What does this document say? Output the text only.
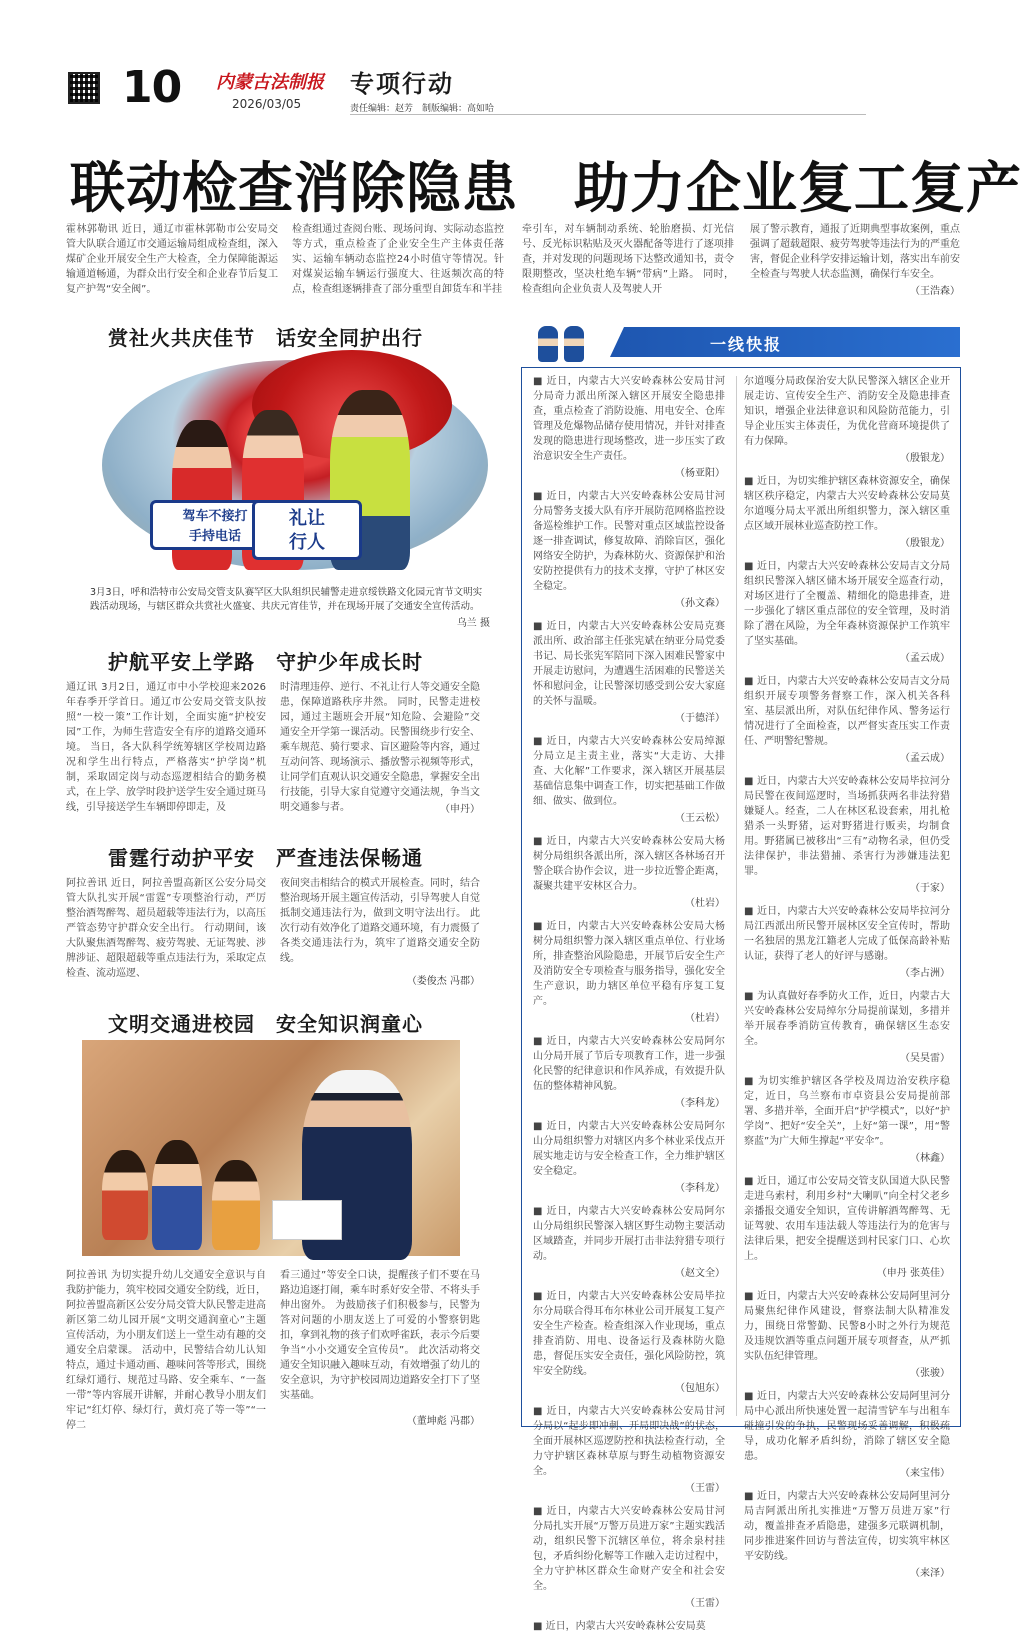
10 内蒙古法制报
2026/03/05
专项行动
责任编辑：赵芳　制版编辑：高如哈
联动检查消除隐患　助力企业复工复产
霍林郭勒讯 近日，通辽市霍林郭勒市公安局交管大队联合通辽市交通运输局组成检查组，深入煤矿企业开展安全生产大检查，全力保障能源运输通道畅通，为群众出行安全和企业春节后复工复产护驾“安全阀”。
检查组通过查阅台账、现场问询、实际动态监控等方式，重点检查了企业安全生产主体责任落实、运输车辆动态监控24小时值守等情况。针对煤炭运输车辆运行强度大、往返频次高的特点，检查组逐辆排查了部分重型自卸货车和半挂
牵引车，对车辆制动系统、轮胎磨损、灯光信号、反光标识粘贴及灭火器配备等进行了逐项排查，并对发现的问题现场下达整改通知书，责令限期整改，坚决杜绝车辆“带病”上路。 同时，检查组向企业负责人及驾驶人开
展了警示教育，通报了近期典型事故案例，重点强调了超载超限、疲劳驾驶等违法行为的严重危害，督促企业科学安排运输计划，落实出车前安全检查与驾驶人状态监测，确保行车安全。
（王浩森）
赏社火共庆佳节　话安全同护出行
驾车不接打
手持电话
礼让
行人
3月3日，呼和浩特市公安局交管支队赛罕区大队组织民辅警走进京绥铁路文化园元宵节文明实践活动现场，与辖区群众共赏社火盛宴、共庆元宵佳节，并在现场开展了交通安全宣传活动。
乌兰 摄
护航平安上学路　守护少年成长时
通辽讯 3月2日，通辽市中小学校迎来2026年春季开学首日。通辽市公安局交管支队按照“一校一策”工作计划，全面实施“护校安园”工作，为师生营造安全有序的道路交通环境。 当日，各大队科学统筹辖区学校周边路况和学生出行特点，严格落实“护学岗”机制，采取固定岗与动态巡逻相结合的勤务模式，在上学、放学时段护送学生安全通过斑马线，引导接送学生车辆即停即走，及
时清理违停、逆行、不礼让行人等交通安全隐患，保障道路秩序井然。 同时，民警走进校园，通过主题班会开展“知危险、会避险”交通安全开学第一课活动。民警围绕步行安全、乘车规范、骑行要求、盲区避险等内容，通过互动问答、现场演示、播放警示视频等形式，让同学们直观认识交通安全隐患，掌握安全出行技能，引导大家自觉遵守交通法规，争当文明交通参与者。	（申丹）
雷霆行动护平安　严查违法保畅通
阿拉善讯 近日，阿拉善盟高新区公安分局交管大队扎实开展“雷霆”专项整治行动，严厉整治酒驾醉驾、超员超载等违法行为，以高压严管态势守护群众安全出行。 行动期间，该大队聚焦酒驾醉驾、疲劳驾驶、无证驾驶、涉牌涉证、超限超载等重点违法行为，采取定点检查、流动巡逻、
夜间突击相结合的模式开展检查。同时，结合整治现场开展主题宣传活动，引导驾驶人自觉抵制交通违法行为，做到文明守法出行。 此次行动有效净化了道路交通环境，有力震慑了各类交通违法行为，筑牢了道路交通安全防线。
（娄俊杰 冯郡）
文明交通进校园　安全知识润童心
阿拉善讯 为切实提升幼儿交通安全意识与自我防护能力，筑牢校园交通安全防线，近日，阿拉善盟高新区公安分局交管大队民警走进高新区第二幼儿园开展“文明交通润童心”主题宣传活动，为小朋友们送上一堂生动有趣的交通安全启蒙课。 活动中，民警结合幼儿认知特点，通过卡通动画、趣味问答等形式，围绕红绿灯通行、规范过马路、安全乘车、“一盔一带”等内容展开讲解，并耐心教导小朋友们牢记“红灯停、绿灯行，黄灯亮了等一等”“一停二
看三通过”等安全口诀，提醒孩子们不要在马路边追逐打闹，乘车时系好安全带、不将头手伸出窗外。 为鼓励孩子们积极参与，民警为答对问题的小朋友送上了可爱的小警察钥匙扣，拿到礼物的孩子们欢呼雀跃，表示今后要争当“小小交通安全宣传员”。 此次活动将交通安全知识融入趣味互动，有效增强了幼儿的安全意识，为守护校园周边道路安全打下了坚实基础。
（董坤彪 冯郡）
一线快报
■ 近日，内蒙古大兴安岭森林公安局甘河分局奇力派出所深入辖区开展安全隐患排查，重点检查了消防设施、用电安全、仓库管理及危爆物品储存使用情况，并针对排查发现的隐患进行现场整改，进一步压实了政治意识安全生产责任。
（杨亚阳）
■ 近日，内蒙古大兴安岭森林公安局甘河分局警务支援大队有序开展防范网格监控设备巡检维护工作。民警对重点区域监控设备逐一排查调试，修复故障、消除盲区，强化网络安全防护，为森林防火、资源保护和治安防控提供有力的技术支撑，守护了林区安全稳定。
（孙文森）
■ 近日，内蒙古大兴安岭森林公安局克赛派出所、政治部主任张宪斌在纳亚分局党委书记、局长张宪军陪同下深入困难民警家中开展走访慰问，为遭遇生活困难的民警送关怀和慰问金，让民警深切感受到公安大家庭的关怀与温暖。
（于德洋）
■ 近日，内蒙古大兴安岭森林公安局绰源分局立足主责主业，落实“大走访、大排查、大化解”工作要求，深入辖区开展基层基础信息集中调查工作，切实把基础工作做细、做实、做到位。
（王云松）
■ 近日，内蒙古大兴安岭森林公安局大杨树分局组织各派出所，深入辖区各林场召开警企联合协作会议，进一步拉近警企距离，凝聚共建平安林区合力。
（杜岩）
■ 近日，内蒙古大兴安岭森林公安局大杨树分局组织警力深入辖区重点单位、行业场所，排查整治风险隐患，开展节后安全生产及消防安全专项检查与服务指导，强化安全生产意识，助力辖区单位平稳有序复工复产。
（杜岩）
■ 近日，内蒙古大兴安岭森林公安局阿尔山分局开展了节后专项教育工作，进一步强化民警的纪律意识和作风养成，有效提升队伍的整体精神风貌。
（李科龙）
■ 近日，内蒙古大兴安岭森林公安局阿尔山分局组织警力对辖区内多个林业采伐点开展实地走访与安全检查工作，全力维护辖区安全稳定。
（李科龙）
■ 近日，内蒙古大兴安岭森林公安局阿尔山分局组织民警深入辖区野生动物主要活动区域踏查，并同步开展打击非法狩猎专项行动。
（赵文全）
■ 近日，内蒙古大兴安岭森林公安局毕拉尔分局联合得耳布尔林业公司开展复工复产安全生产检查。检查组深入作业现场，重点排查消防、用电、设备运行及森林防火隐患，督促压实安全责任，强化风险防控，筑牢安全防线。
（包旭东）
■ 近日，内蒙古大兴安岭森林公安局甘河分局以“起步即冲刺、开局即决战”的状态，全面开展林区巡逻防控和执法检查行动，全力守护辖区森林草原与野生动植物资源安全。
（王雷）
■ 近日，内蒙古大兴安岭森林公安局甘河分局扎实开展“万警万员进万家”主题实践活动，组织民警下沉辖区单位，将余泉村挂包，矛盾纠纷化解等工作融入走访过程中，全力守护林区群众生命财产安全和社会安全。
（王雷）
■ 近日，内蒙古大兴安岭森林公安局莫
尔道嘎分局政保治安大队民警深入辖区企业开展走访、宣传安全生产、消防安全及隐患排查知识，增强企业法律意识和风险防范能力，引导企业压实主体责任，为优化营商环境提供了有力保障。
（殷银龙）
■ 近日，为切实维护辖区森林资源安全，确保辖区秩序稳定，内蒙古大兴安岭森林公安局莫尔道嘎分局太平派出所组织警力，深入辖区重点区域开展林业巡查防控工作。
（殷银龙）
■ 近日，内蒙古大兴安岭森林公安局吉文分局组织民警深入辖区储木场开展安全巡查行动，对场区进行了全覆盖、精细化的隐患排查，进一步强化了辖区重点部位的安全管理，及时消除了潜在风险，为全年森林资源保护工作筑牢了坚实基础。
（孟云成）
■ 近日，内蒙古大兴安岭森林公安局吉文分局组织开展专项警务督察工作，深入机关各科室、基层派出所，对队伍纪律作风、警务运行情况进行了全面检查，以严督实查压实工作责任、严明警纪警规。
（孟云成）
■ 近日，内蒙古大兴安岭森林公安局毕拉河分局民警在夜间巡逻时，当场抓获两名非法狩猎嫌疑人。经查，二人在林区私设套索，用扎枪猎杀一头野猪，运对野猪进行贩卖，均制食用。野猪属已被移出“三有”动物名录，但仍受法律保护，非法猎捕、杀害行为涉嫌违法犯罪。
（于家）
■ 近日，内蒙古大兴安岭森林公安局毕拉河分局江西派出所民警开展林区安全宣传时，帮助一名独居的黑龙江籍老人完成了低保高龄补贴认证，获得了老人的好评与感谢。
（李占洲）
■ 为认真做好春季防火工作，近日，内蒙古大兴安岭森林公安局绰尔分局提前谋划，多措并举开展春季消防宣传教育，确保辖区生态安全。
（吴昊雷）
■ 为切实维护辖区各学校及周边治安秩序稳定，近日，乌兰察布市卓资县公安局提前部署、多措并举，全面开启“护学模式”，以好“护学岗”、把好“安全关”，上好“第一课”，用“警察蓝”为广大师生撑起“平安伞”。
（林鑫）
■ 近日，通辽市公安局交管支队国道大队民警走进乌索村，利用乡村“大喇叭”向全村父老乡亲播报交通安全知识，宣传讲解酒驾醉驾、无证驾驶、农用车违法载人等违法行为的危害与法律后果，把安全提醒送到村民家门口、心坎上。
（申丹 张英佳）
■ 近日，内蒙古大兴安岭森林公安局阿里河分局聚焦纪律作风建设，督察法制大队精准发力，围绕日常警勤、民警8小时之外行为规范及违规饮酒等重点问题开展专项督查，从严抓实队伍纪律管理。
（张骏）
■ 近日，内蒙古大兴安岭森林公安局阿里河分局中心派出所快速处置一起清雪铲车与出租车碰撞引发的争执，民警现场妥善调解，积极疏导，成功化解矛盾纠纷，消除了辖区安全隐患。
（来宝伟）
■ 近日，内蒙古大兴安岭森林公安局阿里河分局吉阿派出所扎实推进“万警万员进万家”行动，覆盖排查矛盾隐患，建强多元联调机制，同步推进案件回访与普法宣传，切实筑牢林区平安防线。
（来泽）
